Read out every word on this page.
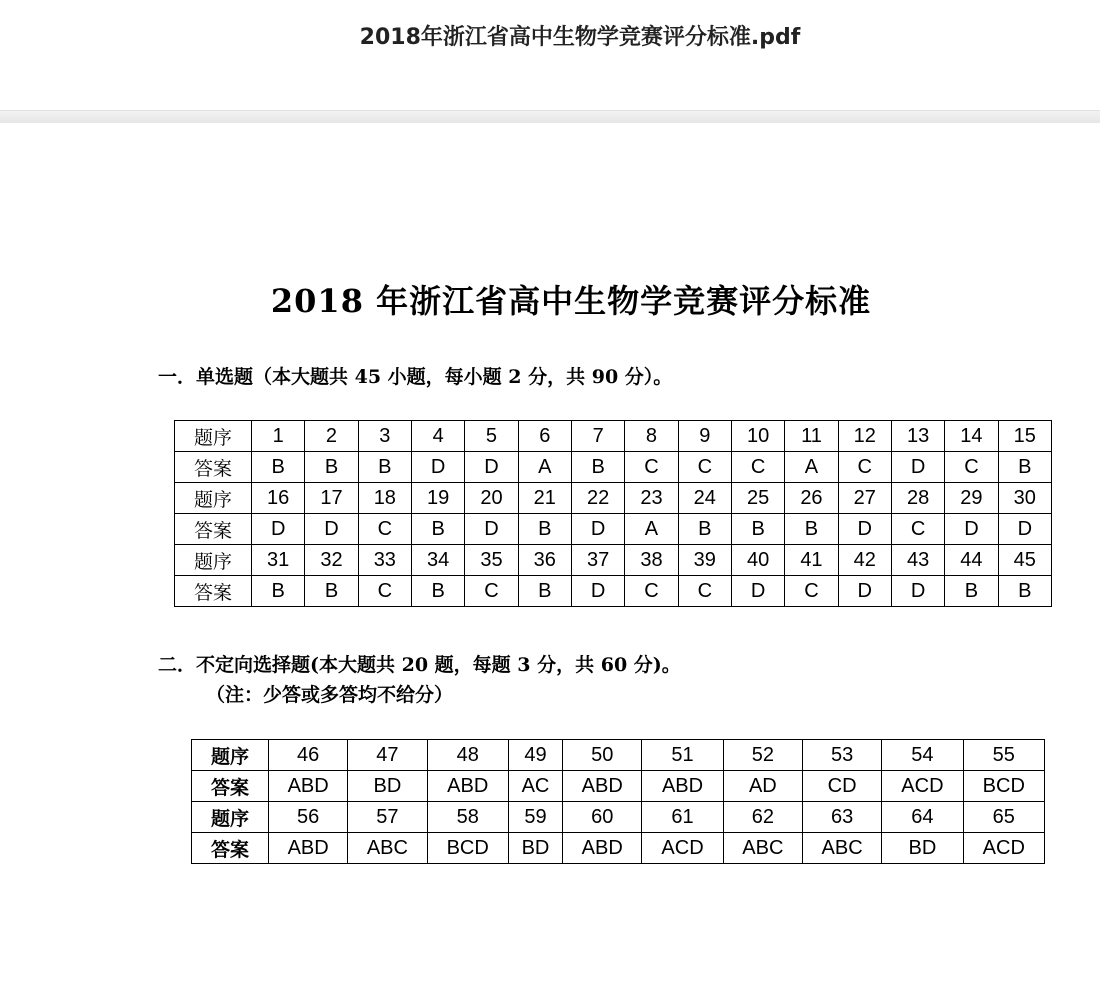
2018年浙江省高中生物学竞赛评分标准.pdf
2018 年浙江省高中生物学竞赛评分标准
一．单选题（本大题共 45 小题，每小题 2 分，共 90 分）。
题序	1	2	3	4	5	6	7	8	9	10	11	12	13	14	15
答案	B	B	B	D	D	A	B	C	C	C	A	C	D	C	B
题序	16	17	18	19	20	21	22	23	24	25	26	27	28	29	30
答案	D	D	C	B	D	B	D	A	B	B	B	D	C	D	D
题序	31	32	33	34	35	36	37	38	39	40	41	42	43	44	45
答案	B	B	C	B	C	B	D	C	C	D	C	D	D	B	B
二．不定向选择题(本大题共 20 题，每题 3 分，共 60 分)。
（注：少答或多答均不给分）
题序	46	47	48	49	50	51	52	53	54	55
答案	ABD	BD	ABD	AC	ABD	ABD	AD	CD	ACD	BCD
题序	56	57	58	59	60	61	62	63	64	65
答案	ABD	ABC	BCD	BD	ABD	ACD	ABC	ABC	BD	ACD
